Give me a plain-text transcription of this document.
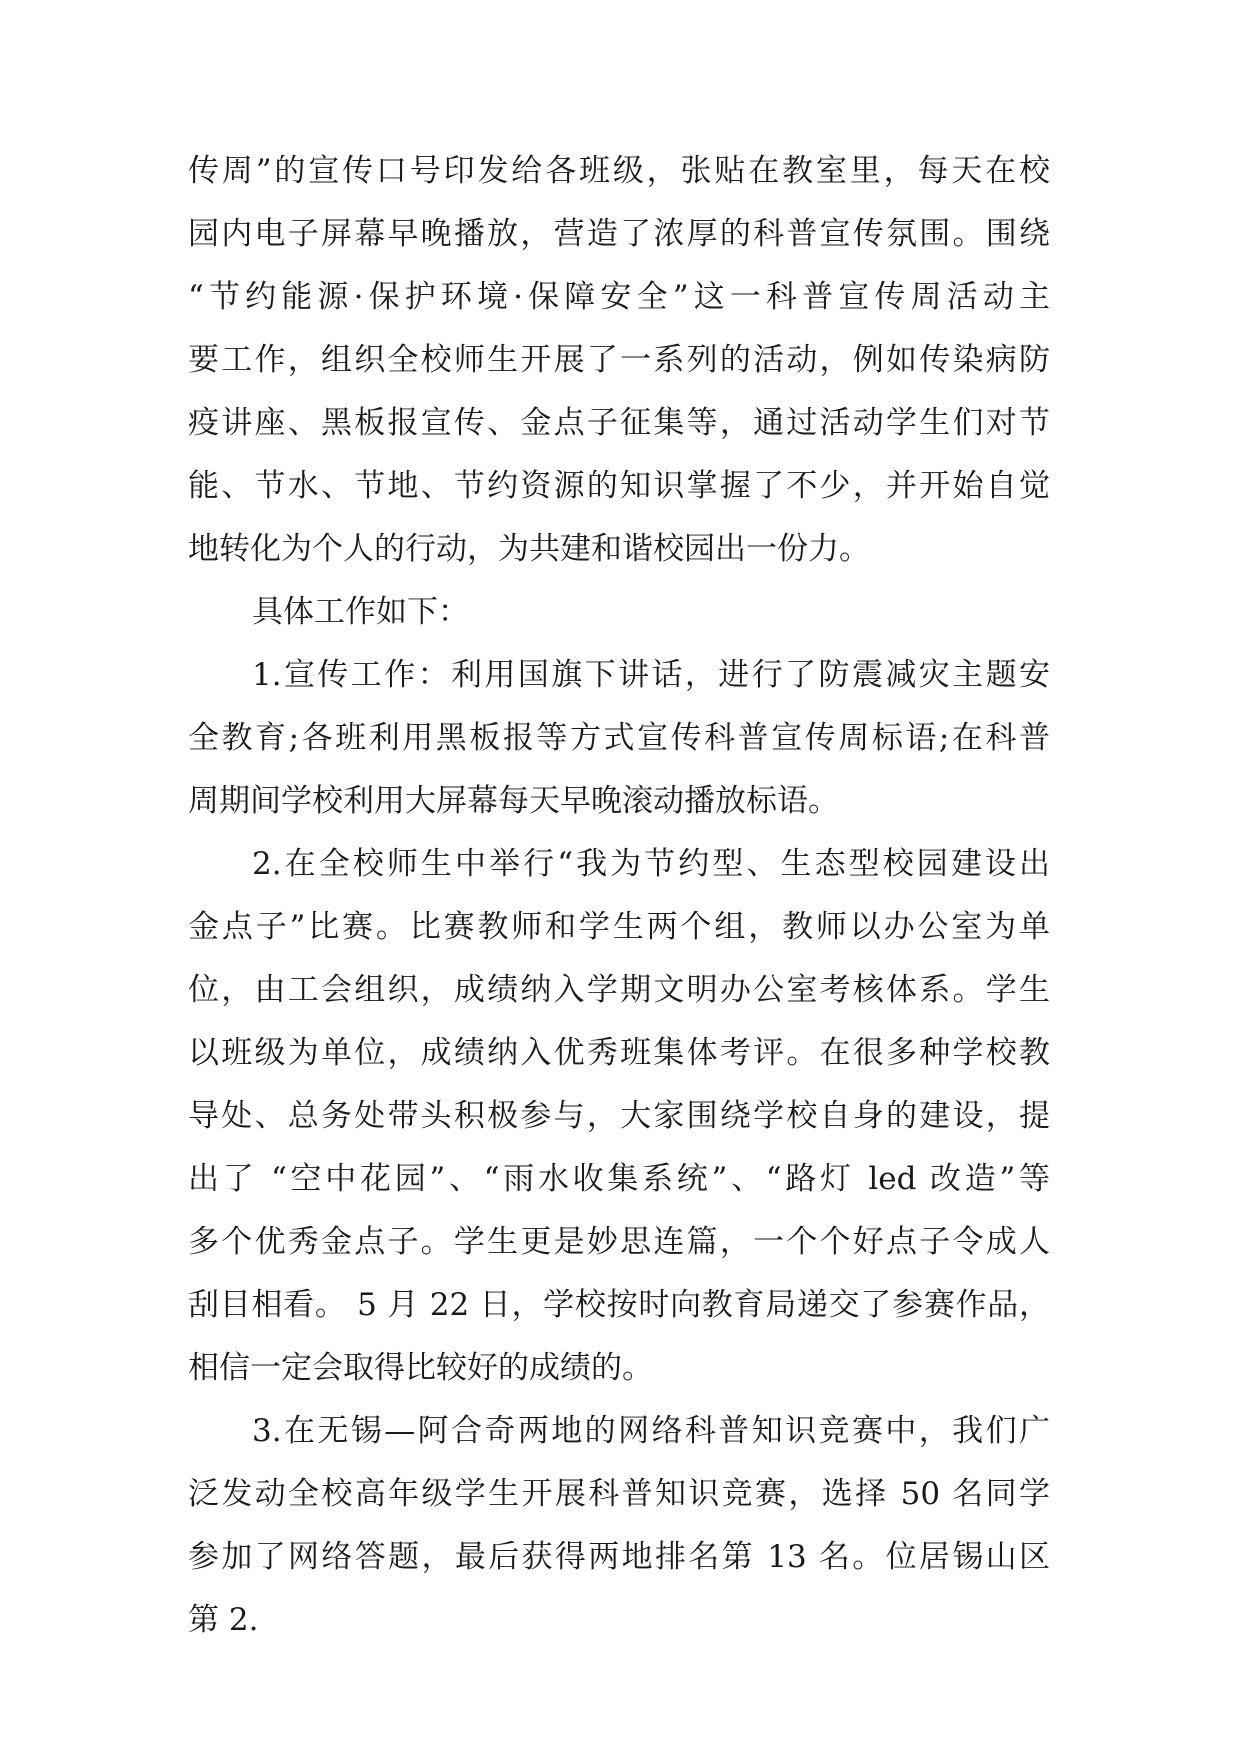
传周”的宣传口号印发给各班级，张贴在教室里，每天在校
园内电子屏幕早晚播放，营造了浓厚的科普宣传氛围。围绕
“节约能源·保护环境·保障安全”这一科普宣传周活动主
要工作，组织全校师生开展了一系列的活动，例如传染病防
疫讲座、黑板报宣传、金点子征集等，通过活动学生们对节
能、节水、节地、节约资源的知识掌握了不少，并开始自觉
地转化为个人的行动，为共建和谐校园出一份力。
具体工作如下：
1.宣传工作：利用国旗下讲话，进行了防震减灾主题安
全教育;各班利用黑板报等方式宣传科普宣传周标语;在科普
周期间学校利用大屏幕每天早晚滚动播放标语。
2.在全校师生中举行“我为节约型、生态型校园建设出
金点子”比赛。比赛教师和学生两个组，教师以办公室为单
位，由工会组织，成绩纳入学期文明办公室考核体系。学生
以班级为单位，成绩纳入优秀班集体考评。在很多种学校教
导处、总务处带头积极参与，大家围绕学校自身的建设，提
出了 “空中花园”、“雨水收集系统”、“路灯 led 改造”等
多个优秀金点子。学生更是妙思连篇，一个个好点子令成人
刮目相看。 5 月 22 日，学校按时向教育局递交了参赛作品，
相信一定会取得比较好的成绩的。
3.在无锡—阿合奇两地的网络科普知识竞赛中，我们广
泛发动全校高年级学生开展科普知识竞赛，选择 50 名同学
参加了网络答题，最后获得两地排名第 13 名。位居锡山区
第 2.
